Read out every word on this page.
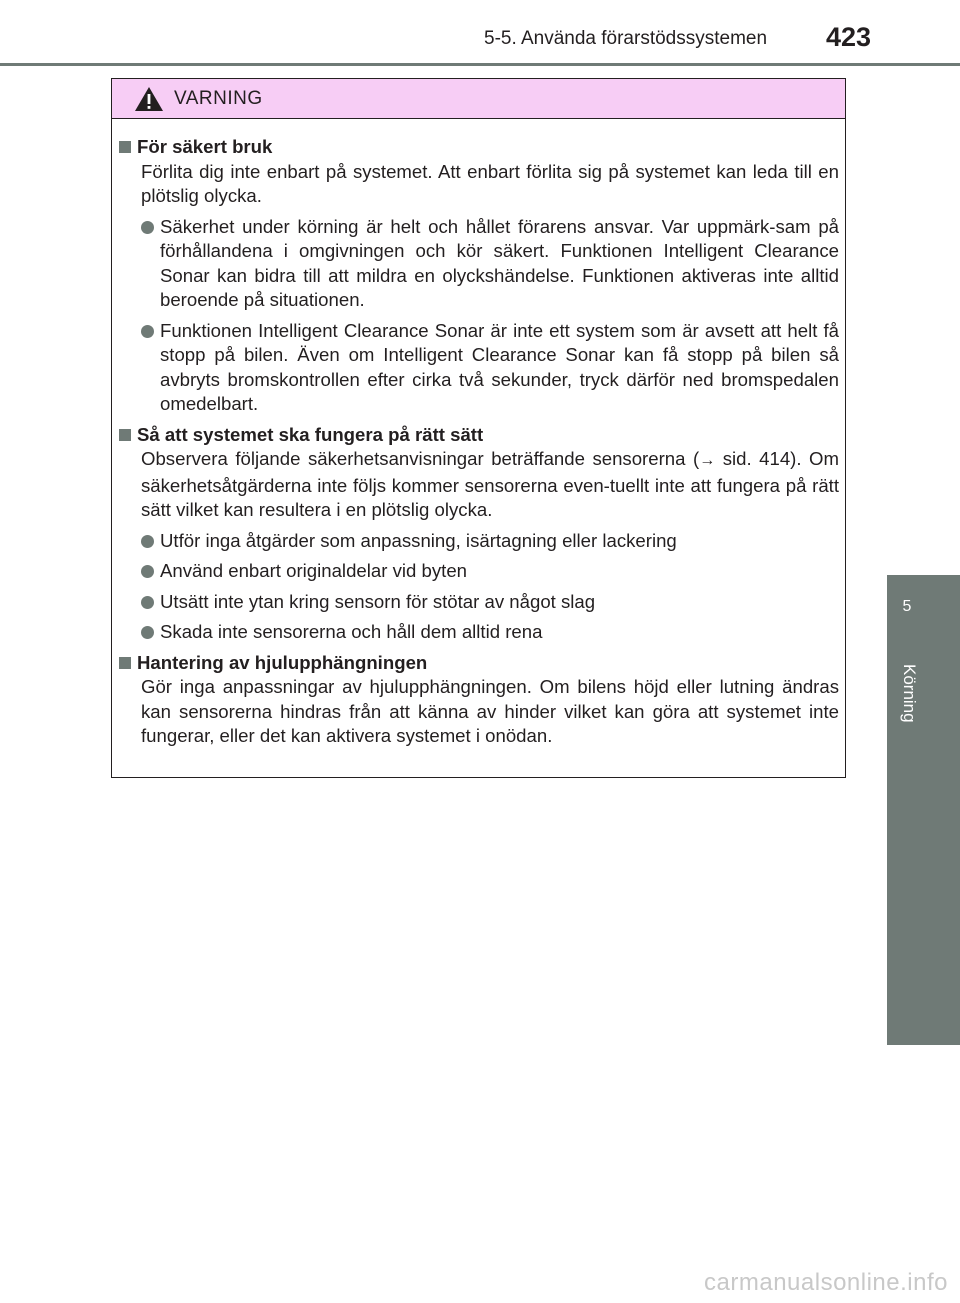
5-5. Använda förarstödssystemen 423
5
Körning
VARNING
För säkert bruk

Förlita dig inte enbart på systemet. Att enbart förlita sig på systemet kan leda till en plötslig olycka.

Säkerhet under körning är helt och hållet förarens ansvar. Var uppmärk-sam på förhållandena i omgivningen och kör säkert. Funktionen Intelligent Clearance Sonar kan bidra till att mildra en olyckshändelse. Funktionen aktiveras inte alltid beroende på situationen.
Funktionen Intelligent Clearance Sonar är inte ett system som är avsett att helt få stopp på bilen. Även om Intelligent Clearance Sonar kan få stopp på bilen så avbryts bromskontrollen efter cirka två sekunder, tryck därför ned bromspedalen omedelbart.
Så att systemet ska fungera på rätt sätt

Observera följande säkerhetsanvisningar beträffande sensorerna (→ sid. 414). Om säkerhetsåtgärderna inte följs kommer sensorerna even-tuellt inte att fungera på rätt sätt vilket kan resultera i en plötslig olycka.

Utför inga åtgärder som anpassning, isärtagning eller lackering
Använd enbart originaldelar vid byten
Utsätt inte ytan kring sensorn för stötar av något slag
Skada inte sensorerna och håll dem alltid rena
Hantering av hjulupphängningen

Gör inga anpassningar av hjulupphängningen. Om bilens höjd eller lutning ändras kan sensorerna hindras från att känna av hinder vilket kan göra att systemet inte fungerar, eller det kan aktivera systemet i onödan.

carmanualsonline.info
